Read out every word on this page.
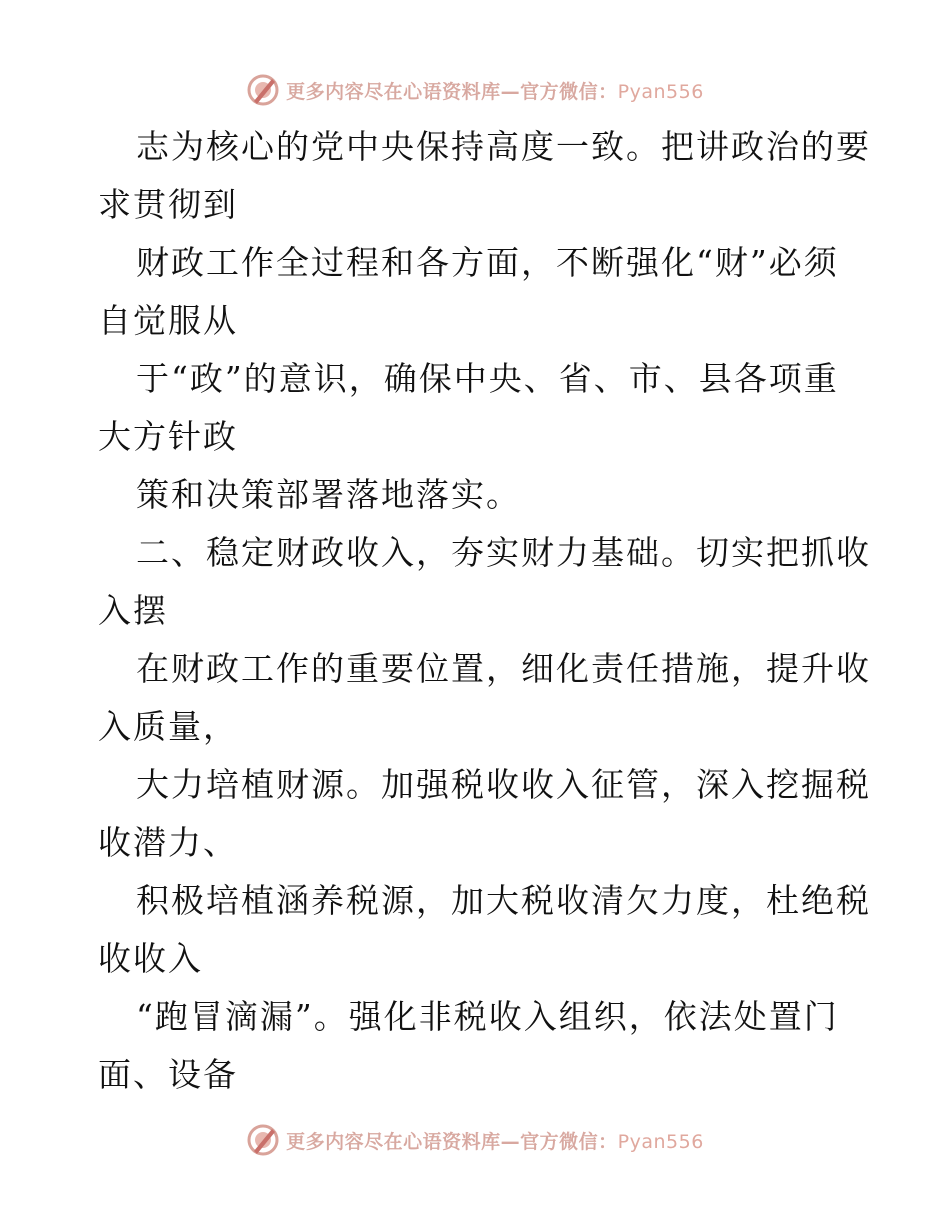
更多内容尽在心语资料库—官方微信：Pyan556

志为核心的党中央保持高度一致。把讲政治的要
求贯彻到

财政工作全过程和各方面，不断强化“财”必须
自觉服从

于“政”的意识，确保中央、省、市、县各项重
大方针政

策和决策部署落地落实。

二、稳定财政收入，夯实财力基础。切实把抓收
入摆

在财政工作的重要位置，细化责任措施，提升收
入质量，

大力培植财源。加强税收收入征管，深入挖掘税
收潜力、

积极培植涵养税源，加大税收清欠力度，杜绝税
收收入

“跑冒滴漏”。强化非税收入组织，依法处置门
面、设备

更多内容尽在心语资料库—官方微信：Pyan556
